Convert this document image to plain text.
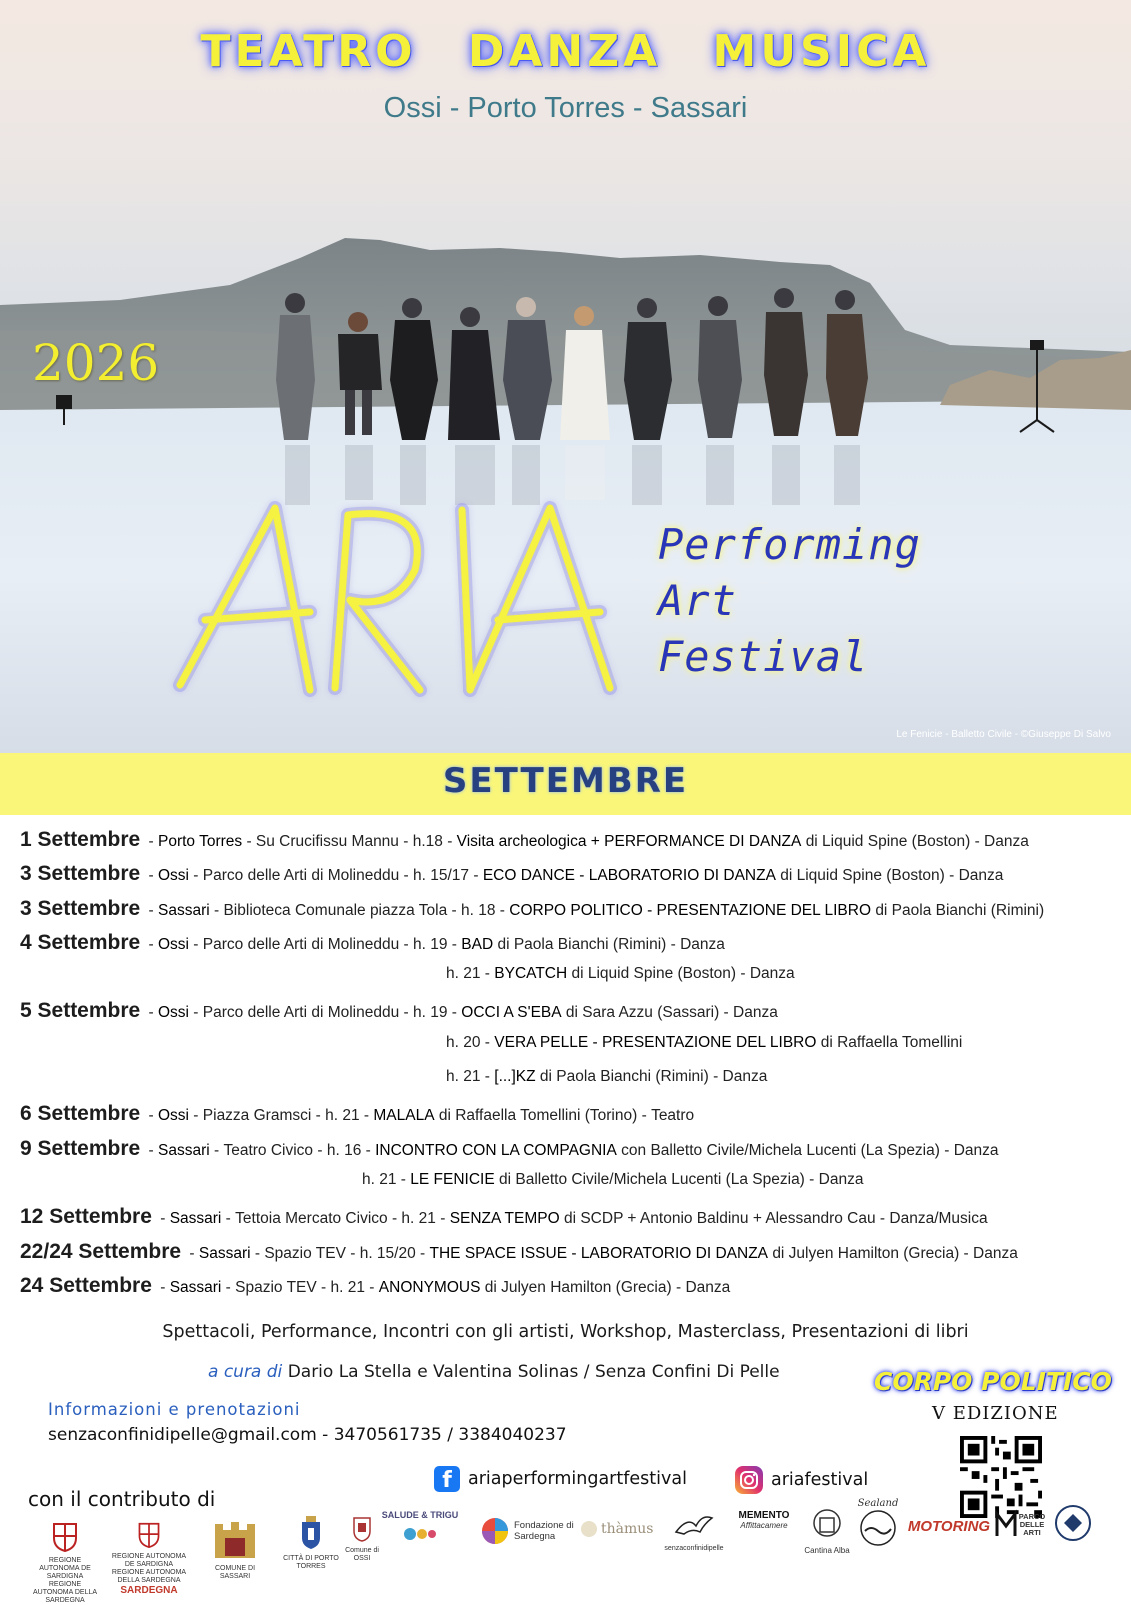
TEATRO DANZA MUSICA
Ossi - Porto Torres - Sassari
2026
Performing
Art
Festival
Le Fenicie - Balletto Civile - ©Giuseppe Di Salvo
SETTEMBRE
1 Settembre - Porto Torres - Su Crucifissu Mannu - h.18 - Visita archeologica + PERFORMANCE DI DANZA
di Liquid Spine (Boston) - Danza
3 Settembre - Ossi - Parco delle Arti di Molineddu - h. 15/17 - ECO DANCE - LABORATORIO DI DANZA
di Liquid Spine (Boston) - Danza
3 Settembre - Sassari - Biblioteca Comunale piazza Tola - h. 18 - CORPO POLITICO - PRESENTAZIONE DEL LIBRO
di Paola Bianchi (Rimini)
4 Settembre - Ossi - Parco delle Arti di Molineddu - h. 19 - BAD
di Paola Bianchi (Rimini) - Danza
h. 21 - BYCATCH
di Liquid Spine (Boston) - Danza
5 Settembre - Ossi - Parco delle Arti di Molineddu - h. 19 - OCCI A S'EBA
di Sara Azzu (Sassari) - Danza
h. 20 - VERA PELLE - PRESENTAZIONE DEL LIBRO
di Raffaella Tomellini
h. 21 - [...]KZ
di Paola Bianchi (Rimini) - Danza
6 Settembre - Ossi - Piazza Gramsci - h. 21 - MALALA
di Raffaella Tomellini (Torino) - Teatro
9 Settembre - Sassari - Teatro Civico - h. 16 - INCONTRO CON LA COMPAGNIA
con Balletto Civile/Michela Lucenti (La Spezia) - Danza
h. 21 - LE FENICIE
di Balletto Civile/Michela Lucenti (La Spezia) - Danza
12 Settembre - Sassari - Tettoia Mercato Civico - h. 21 - SENZA TEMPO
di SCDP + Antonio Baldinu + Alessandro Cau - Danza/Musica
22/24 Settembre - Sassari - Spazio TEV - h. 15/20 - THE SPACE ISSUE - LABORATORIO DI DANZA
di Julyen Hamilton (Grecia) - Danza
24 Settembre - Sassari - Spazio TEV - h. 21 - ANONYMOUS
di Julyen Hamilton (Grecia) - Danza
Spettacoli, Performance, Incontri con gli artisti, Workshop, Masterclass, Presentazioni di libri
a cura di Dario La Stella e Valentina Solinas / Senza Confini Di Pelle
Informazioni e prenotazioni
senzaconfinidipelle@gmail.com - 3470561735 / 3384040237
CORPO POLITICO
V EDIZIONE
f ariaperformingartfestival	ariafestival
con il contributo di
REGIONE AUTONOMA DE SARDIGNA REGIONE AUTONOMA DELLA SARDEGNA
REGIONE AUTONOMA DE SARDIGNA REGIONE AUTONOMA DELLA SARDEGNA
SARDEGNA
COMUNE DI SASSARI
CITTÀ DI PORTO TORRES
Comune di OSSI
SALUDE & TRIGU
Fondazione di Sardegna	thàmus
senzaconfinidipelle
MEMENTO
Affittacamere
Cantina Alba
Sealand
MOTORING
PARCO DELLE ARTI
